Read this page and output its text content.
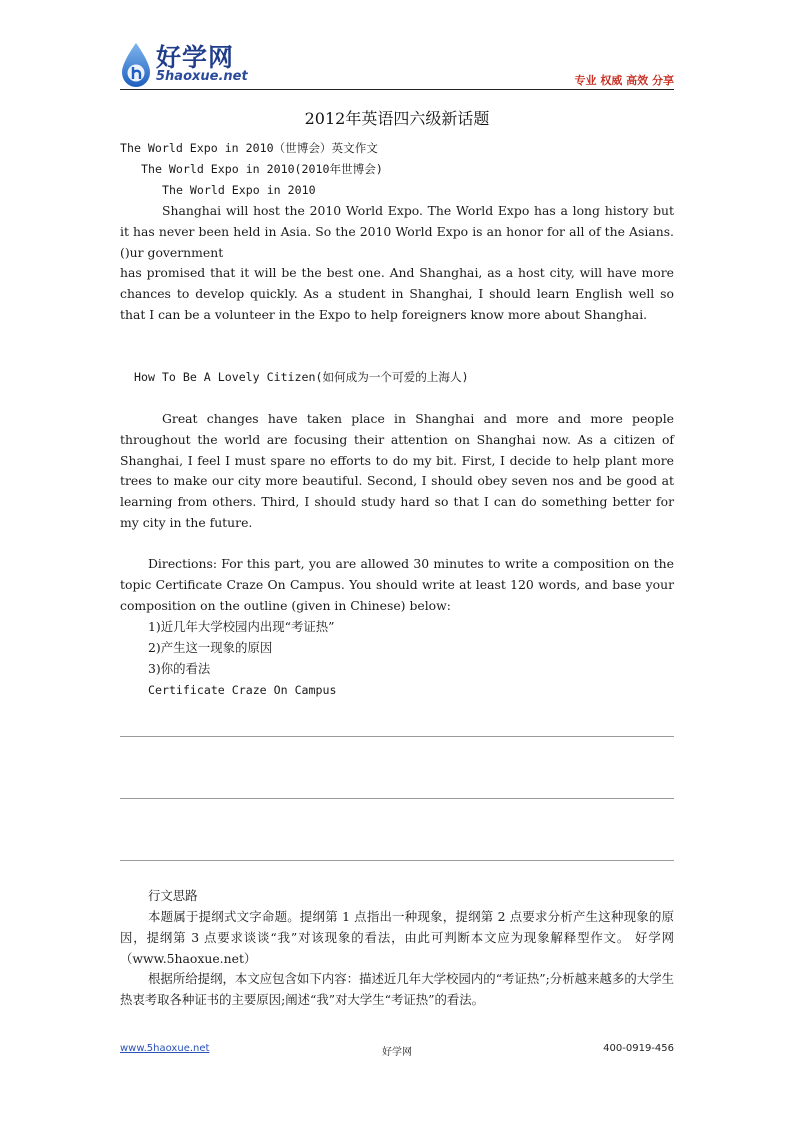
好学网
5haoxue.net	专业 权威 高效 分享
2012年英语四六级新话题
The World Expo in 2010（世博会）英文作文
The World Expo in 2010(2010年世博会)
The World Expo in 2010

Shanghai will host the 2010 World Expo. The World Expo has a long history but it has never been held in Asia. So the 2010 World Expo is an honor for all of the Asians. ()ur government

has promised that it will be the best one. And Shanghai, as a host city, will have more chances to develop quickly. As a student in Shanghai, I should learn English well so that I can be a volunteer in the Expo to help foreigners know more about Shanghai.

How To Be A Lovely Citizen(如何成为一个可爱的上海人)

Great changes have taken place in Shanghai and more and more people throughout the world are focusing their attention on Shanghai now. As a citizen of Shanghai, I feel I must spare no efforts to do my bit. First, I decide to help plant more trees to make our city more beautiful. Second, I should obey seven nos and be good at learning from others. Third, I should study hard so that I can do something better for my city in the future.

Directions: For this part, you are allowed 30 minutes to write a composition on the topic Certificate Craze On Campus. You should write at least 120 words, and base your composition on the outline (given in Chinese) below:

1)近几年大学校园内出现“考证热”

2)产生这一现象的原因

3)你的看法

Certificate Craze On Campus
行文思路

本题属于提纲式文字命题。提纲第 1 点指出一种现象，提纲第 2 点要求分析产生这种现象的原因，提纲第 3 点要求谈谈“我”对该现象的看法，由此可判断本文应为现象解释型作文。 好学网（www.5haoxue.net）

根据所给提纲，本文应包含如下内容：描述近几年大学校园内的“考证热”;分析越来越多的大学生热衷考取各种证书的主要原因;阐述“我”对大学生“考证热”的看法。

www.5haoxue.net	好学网	400-0919-456
